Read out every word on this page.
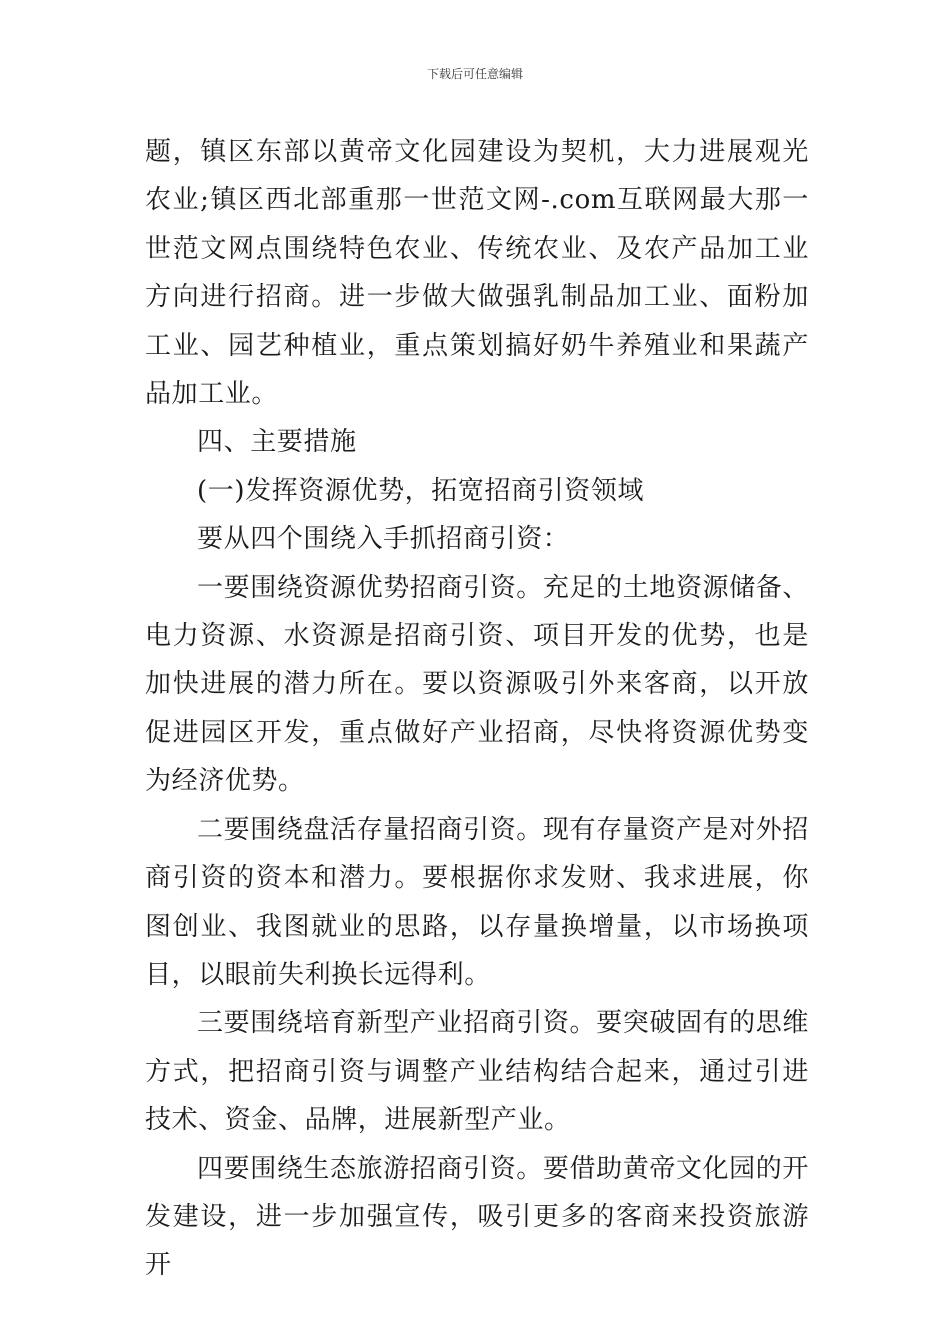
下载后可任意编辑

题，镇区东部以黄帝文化园建设为契机，大力进展观光农业;镇区西北部重那一世范文网-.com互联网最大那一世范文网点围绕特色农业、传统农业、及农产品加工业方向进行招商。进一步做大做强乳制品加工业、面粉加工业、园艺种植业，重点策划搞好奶牛养殖业和果蔬产品加工业。

四、主要措施

(一)发挥资源优势，拓宽招商引资领域

要从四个围绕入手抓招商引资：

一要围绕资源优势招商引资。充足的土地资源储备、电力资源、水资源是招商引资、项目开发的优势，也是加快进展的潜力所在。要以资源吸引外来客商，以开放促进园区开发，重点做好产业招商，尽快将资源优势变为经济优势。

二要围绕盘活存量招商引资。现有存量资产是对外招商引资的资本和潜力。要根据你求发财、我求进展，你图创业、我图就业的思路，以存量换增量，以市场换项目，以眼前失利换长远得利。

三要围绕培育新型产业招商引资。要突破固有的思维方式，把招商引资与调整产业结构结合起来，通过引进技术、资金、品牌，进展新型产业。

四要围绕生态旅游招商引资。要借助黄帝文化园的开发建设，进一步加强宣传，吸引更多的客商来投资旅游开
